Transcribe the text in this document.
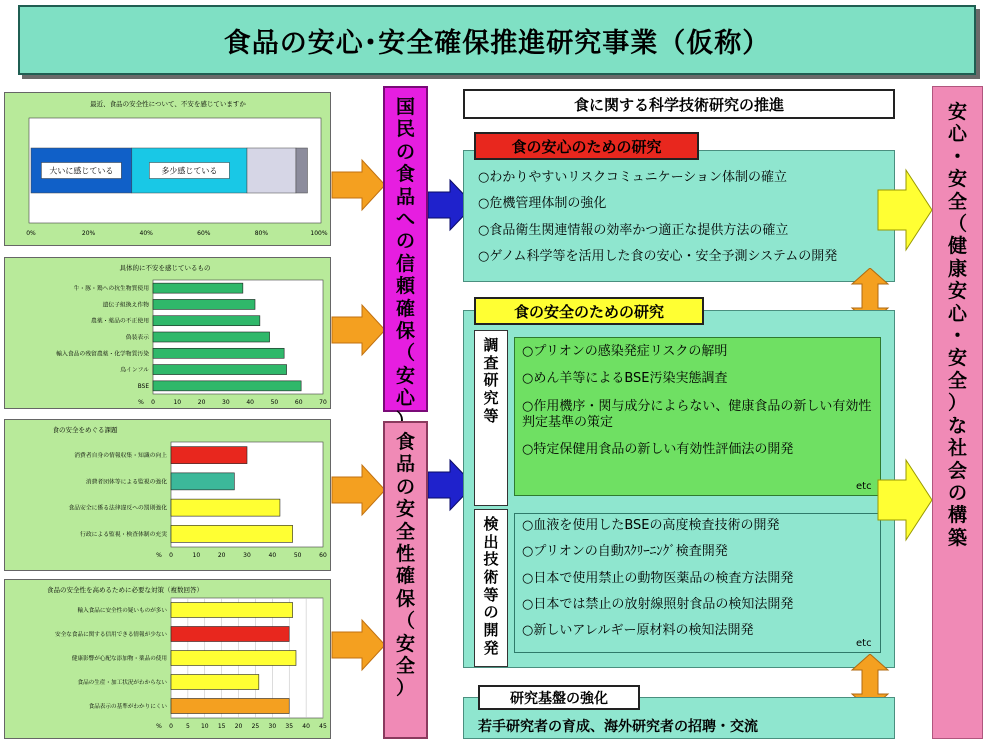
食品の安心･安全確保推進研究事業（仮称）
最近、食品の安全性について、不安を感じていますか
大いに感じている	多少感じている
0%	20%	40%	60%	80%	100%
具体的に不安を感じているもの
0	10	20	30	40	50	60	70
%
牛・豚・鶏への抗生物質使用
遺伝子組換え作物
農薬・薬品の不正使用
偽装表示
輸入食品の残留農薬・化学物質汚染
鳥インフル
BSE
食の安全をめぐる課題
0	10	20	30	40	50	60
%
消費者自身の情報収集・知識の向上
消費者団体等による監視の強化
食品安全に係る法律違反への罰則強化
行政による監視・検査体制の充実
食品の安全性を高めるために必要な対策（複数回答）
0 5 10 15 20 25 30 35 40 45
%
輸入食品に安全性の疑いものが多い
安全な食品に関する信用できる情報が少ない
健康影響が心配な添加物・薬品の使用
食品の生産・加工状況がわからない
食品表示の基準がわかりにくい
国
民
の
食
品
へ
の
信
頼
確
保
（
安
心
食
品
の
安
全
性
確
保
（
安
全
）
食に関する科学技術研究の推進
食の安心のための研究
○わかりやすいリスクコミュニケーション体制の確立
○危機管理体制の強化
○食品衛生関連情報の効率かつ適正な提供方法の確立
○ゲノム科学等を活用した食の安心・安全予測システムの開発
食の安全のための研究
調
査
研
究
等
検
出
技
術
等
の
開
発
○プリオンの感染発症リスクの解明
○めん羊等によるBSE汚染実態調査
○作用機序・関与成分によらない、健康食品の新しい有効性判定基準の策定
○特定保健用食品の新しい有効性評価法の開発
etc
○血液を使用したBSEの高度検査技術の開発
○プリオンの自動ｽｸﾘｰﾆﾝｸﾞ検査開発
○日本で使用禁止の動物医薬品の検査方法開発
○日本では禁止の放射線照射食品の検知法開発
○新しいアレルギー原材料の検知法開発
etc
研究基盤の強化
若手研究者の育成、海外研究者の招聘・交流
安
心
・
安
全
（
健
康
安
心
・
安
全
）
な
社
会
の
構
築
